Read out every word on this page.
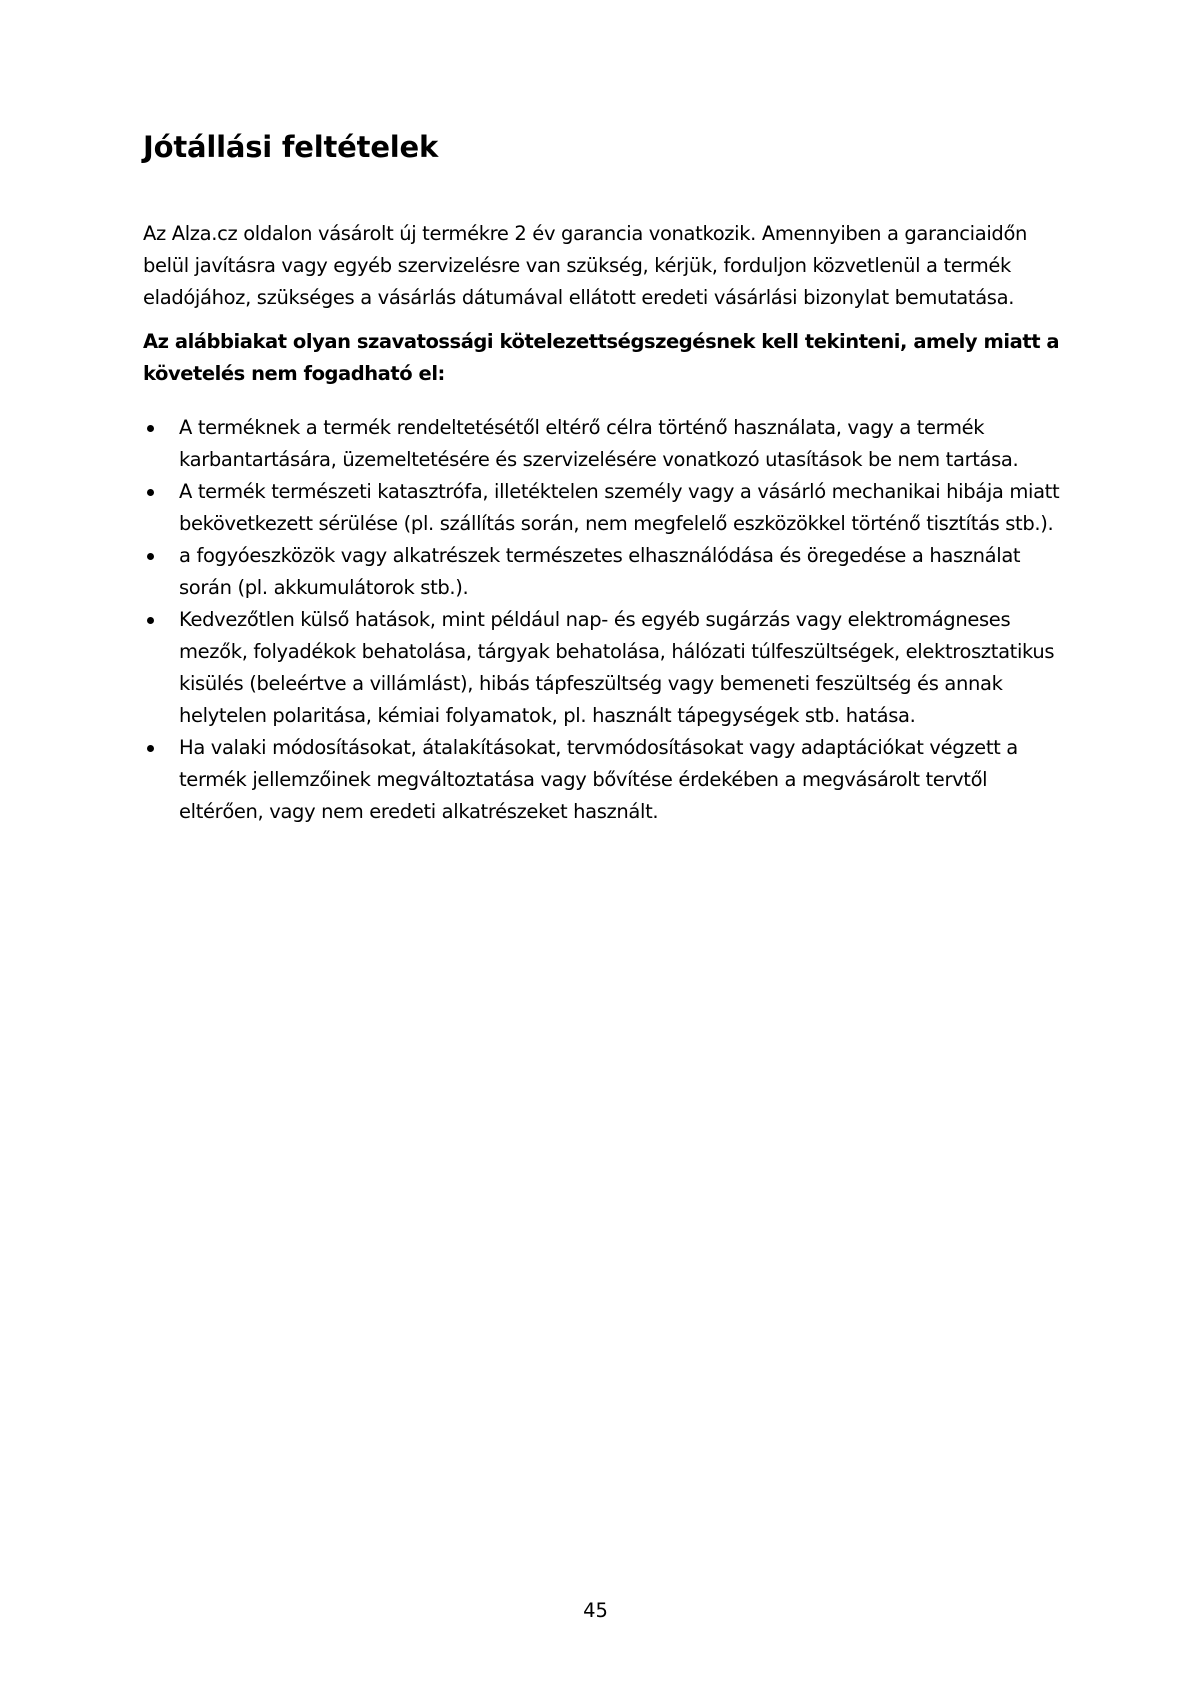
Jótállási feltételek

Az Alza.cz oldalon vásárolt új termékre 2 év garancia vonatkozik. Amennyiben a garanciaidőn belül javításra vagy egyéb szervizelésre van szükség, kérjük, forduljon közvetlenül a termék eladójához, szükséges a vásárlás dátumával ellátott eredeti vásárlási bizonylat bemutatása.

Az alábbiakat olyan szavatossági kötelezettségszegésnek kell tekinteni, amely miatt a követelés nem fogadható el:

A terméknek a termék rendeltetésétől eltérő célra történő használata, vagy a termék karbantartására, üzemeltetésére és szervizelésére vonatkozó utasítások be nem tartása.
A termék természeti katasztrófa, illetéktelen személy vagy a vásárló mechanikai hibája miatt bekövetkezett sérülése (pl. szállítás során, nem megfelelő eszközökkel történő tisztítás stb.).
a fogyóeszközök vagy alkatrészek természetes elhasználódása és öregedése a használat során (pl. akkumulátorok stb.).
Kedvezőtlen külső hatások, mint például nap- és egyéb sugárzás vagy elektromágneses mezők, folyadékok behatolása, tárgyak behatolása, hálózati túlfeszültségek, elektrosztatikus kisülés (beleértve a villámlást), hibás tápfeszültség vagy bemeneti feszültség és annak helytelen polaritása, kémiai folyamatok, pl. használt tápegységek stb. hatása.
Ha valaki módosításokat, átalakításokat, tervmódosításokat vagy adaptációkat végzett a termék jellemzőinek megváltoztatása vagy bővítése érdekében a megvásárolt tervtől eltérően, vagy nem eredeti alkatrészeket használt.
45
